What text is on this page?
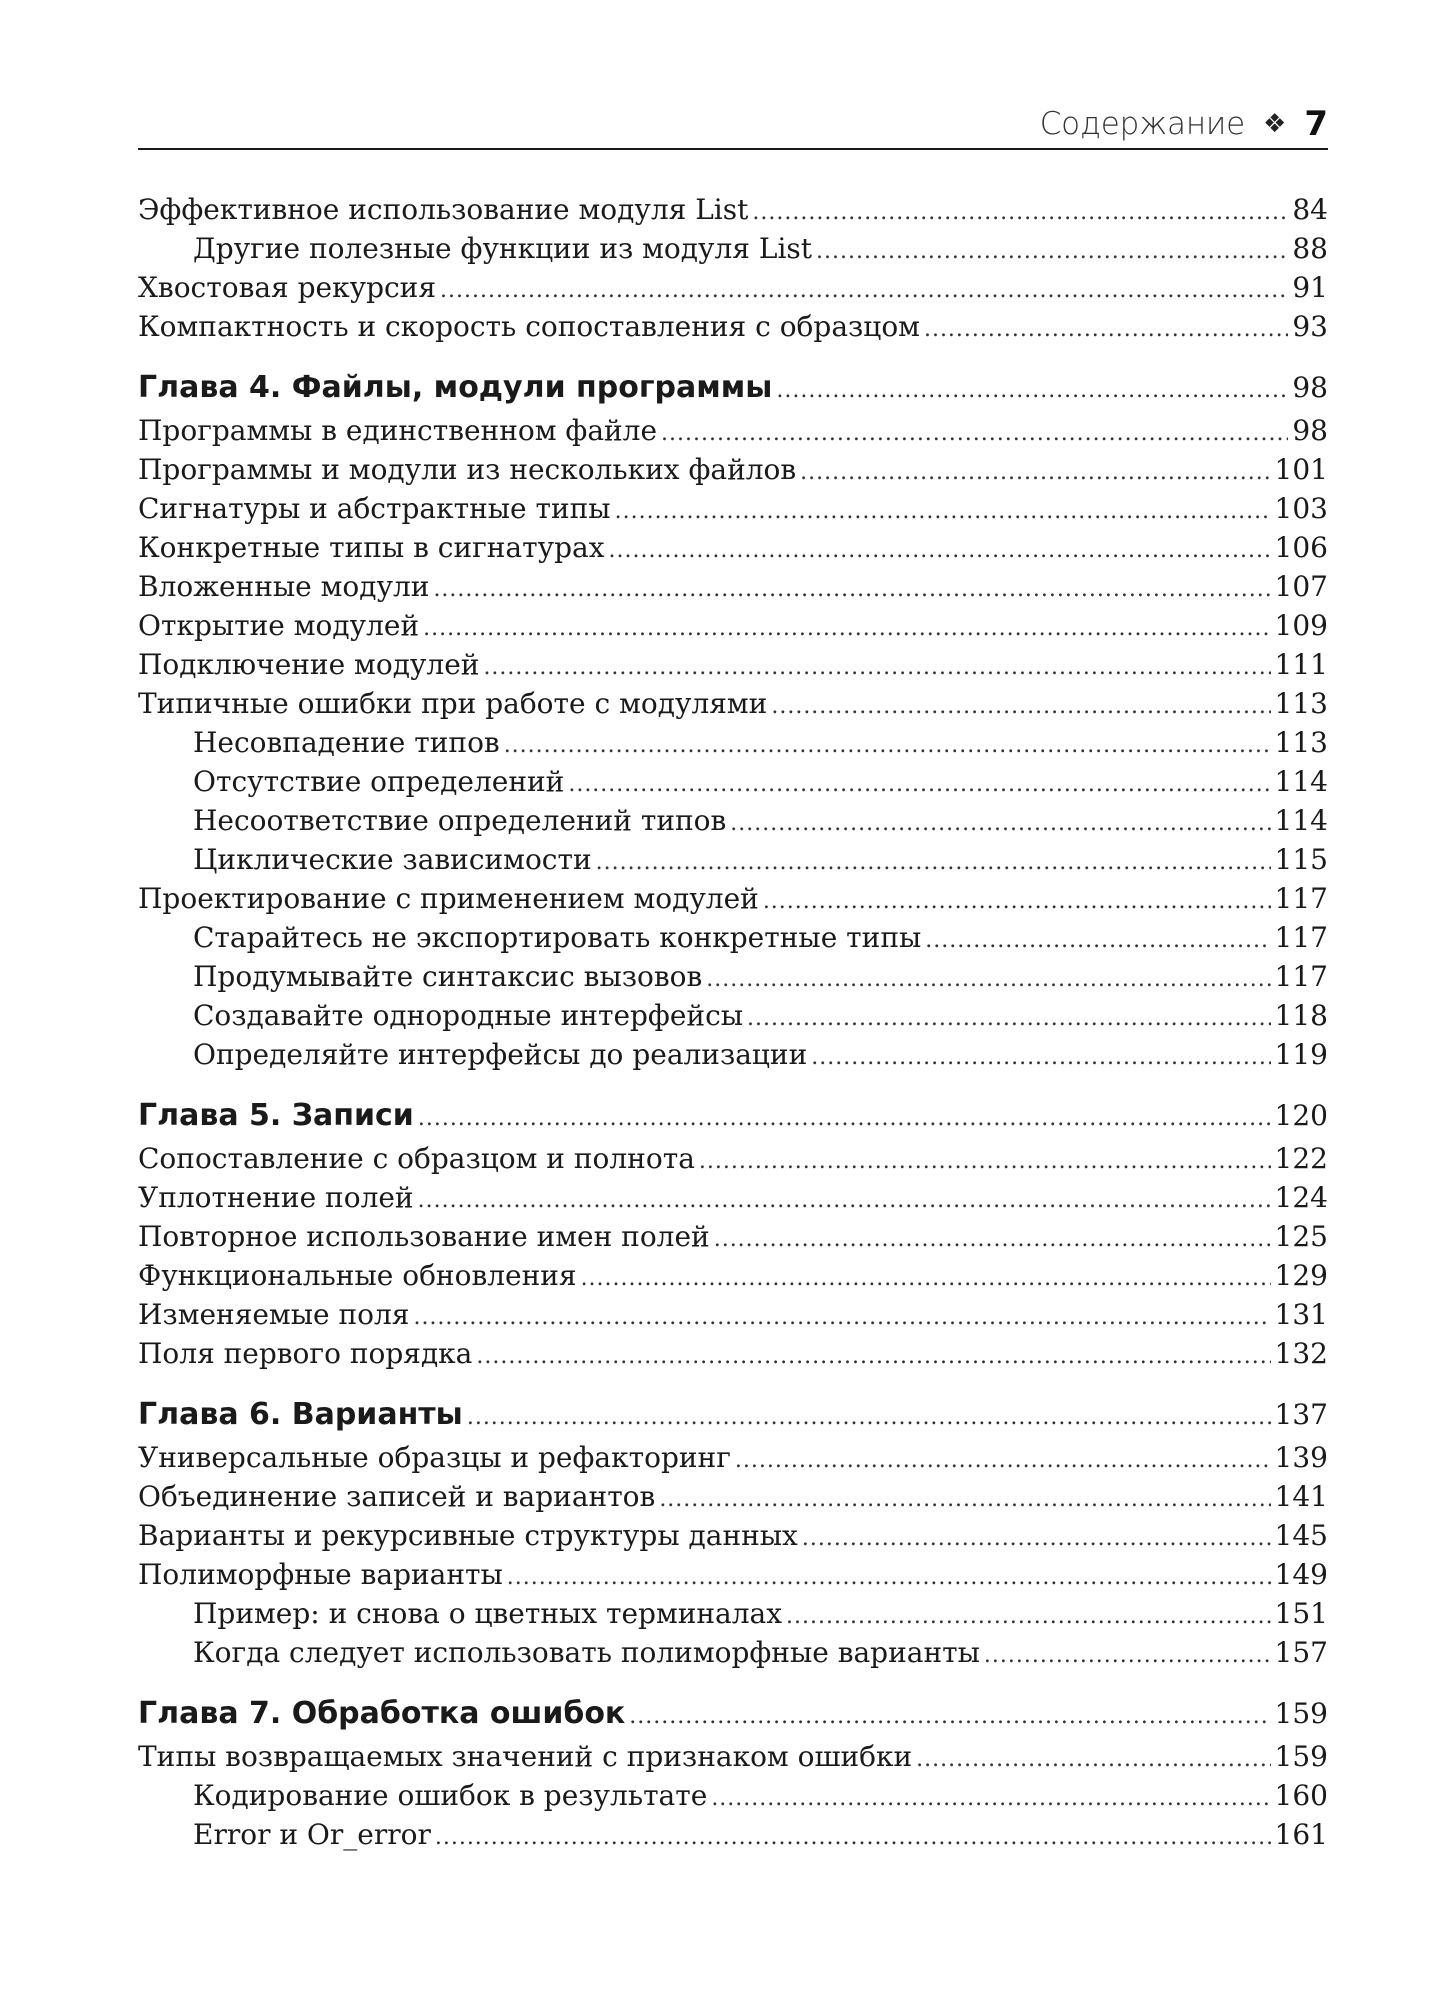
Содержание ❖ 7
Эффективное использование модуля List .....	84
Другие полезные функции из модуля List .....	88
Хвостовая рекурсия .....	91
Компактность и скорость сопоставления с образцом .....	93
Глава 4. Файлы, модули программы .....	98
Программы в единственном файле .....	98
Программы и модули из нескольких файлов .....	101
Сигнатуры и абстрактные типы .....	103
Конкретные типы в сигнатурах .....	106
Вложенные модули .....	107
Открытие модулей .....	109
Подключение модулей .....	111
Типичные ошибки при работе с модулями .....	113
Несовпадение типов .....	113
Отсутствие определений .....	114
Несоответствие определений типов .....	114
Циклические зависимости .....	115
Проектирование с применением модулей .....	117
Старайтесь не экспортировать конкретные типы .....	117
Продумывайте синтаксис вызовов .....	117
Создавайте однородные интерфейсы .....	118
Определяйте интерфейсы до реализации .....	119
Глава 5. Записи .....	120
Сопоставление с образцом и полнота .....	122
Уплотнение полей .....	124
Повторное использование имен полей .....	125
Функциональные обновления .....	129
Изменяемые поля .....	131
Поля первого порядка .....	132
Глава 6. Варианты .....	137
Универсальные образцы и рефакторинг .....	139
Объединение записей и вариантов .....	141
Варианты и рекурсивные структуры данных .....	145
Полиморфные варианты .....	149
Пример: и снова о цветных терминалах .....	151
Когда следует использовать полиморфные варианты .....	157
Глава 7. Обработка ошибок .....	159
Типы возвращаемых значений с признаком ошибки .....	159
Кодирование ошибок в результате .....	160
Error и Or_error .....	161
